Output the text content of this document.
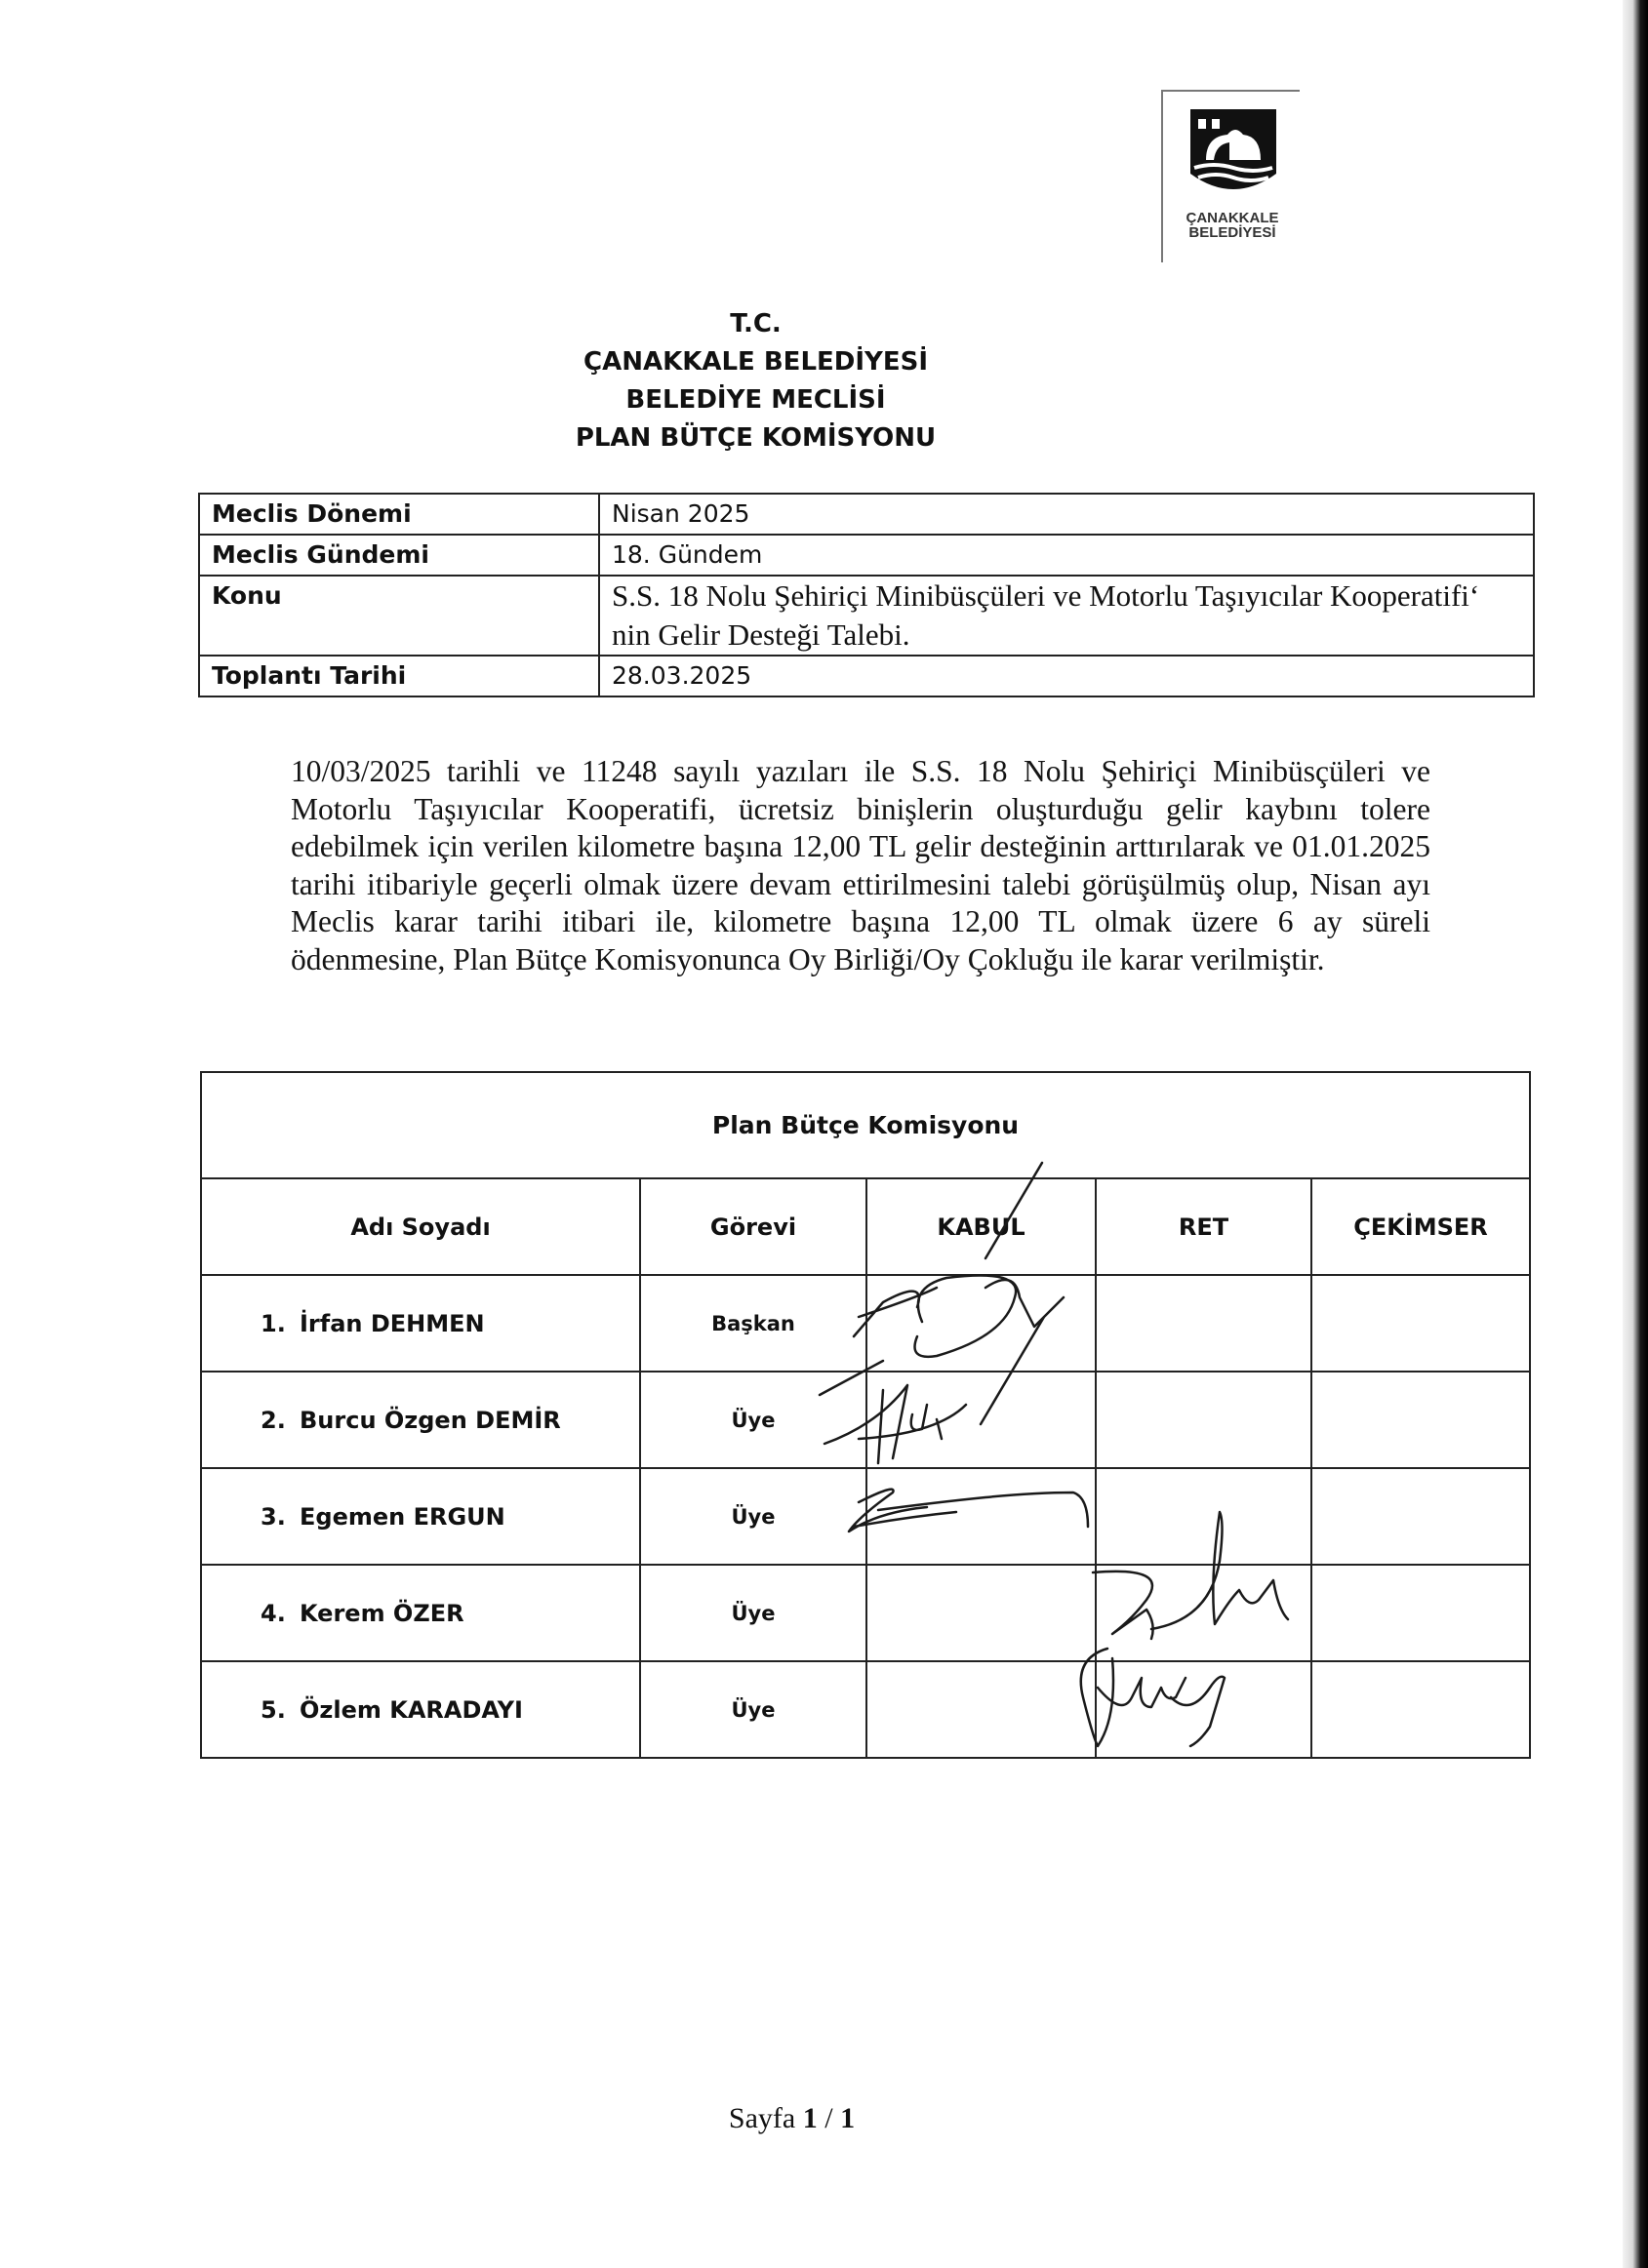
ÇANAKKALE
BELEDİYESİ
T.C.
ÇANAKKALE BELEDİYESİ
BELEDİYE MECLİSİ
PLAN BÜTÇE KOMİSYONU
Meclis Dönemi	Nisan 2025
Meclis Gündemi	18. Gündem
Konu	S.S. 18 Nolu Şehiriçi Minibüsçüleri ve Motorlu Taşıyıcılar Kooperatifi‘ nin Gelir Desteği Talebi.
Toplantı Tarihi	28.03.2025
10/03/2025 tarihli ve 11248 sayılı yazıları ile S.S. 18 Nolu Şehiriçi Minibüsçüleri ve Motorlu Taşıyıcılar Kooperatifi, ücretsiz binişlerin oluşturduğu gelir kaybını tolere edebilmek için verilen kilometre başına 12,00 TL gelir desteğinin arttırılarak ve 01.01.2025 tarihi itibariyle geçerli olmak üzere devam ettirilmesini talebi görüşülmüş olup, Nisan ayı Meclis karar tarihi itibari ile, kilometre başına 12,00 TL olmak üzere 6 ay süreli ödenmesine, Plan Bütçe Komisyonunca Oy Birliği/Oy Çokluğu ile karar verilmiştir.
Plan Bütçe Komisyonu				
Adı Soyadı	Görevi	KABUL	RET	ÇEKİMSER
1. İrfan DEHMEN	Başkan			
2. Burcu Özgen DEMİR	Üye			
3. Egemen ERGUN	Üye			
4. Kerem ÖZER	Üye			
5. Özlem KARADAYI	Üye			
Sayfa 1 / 1
